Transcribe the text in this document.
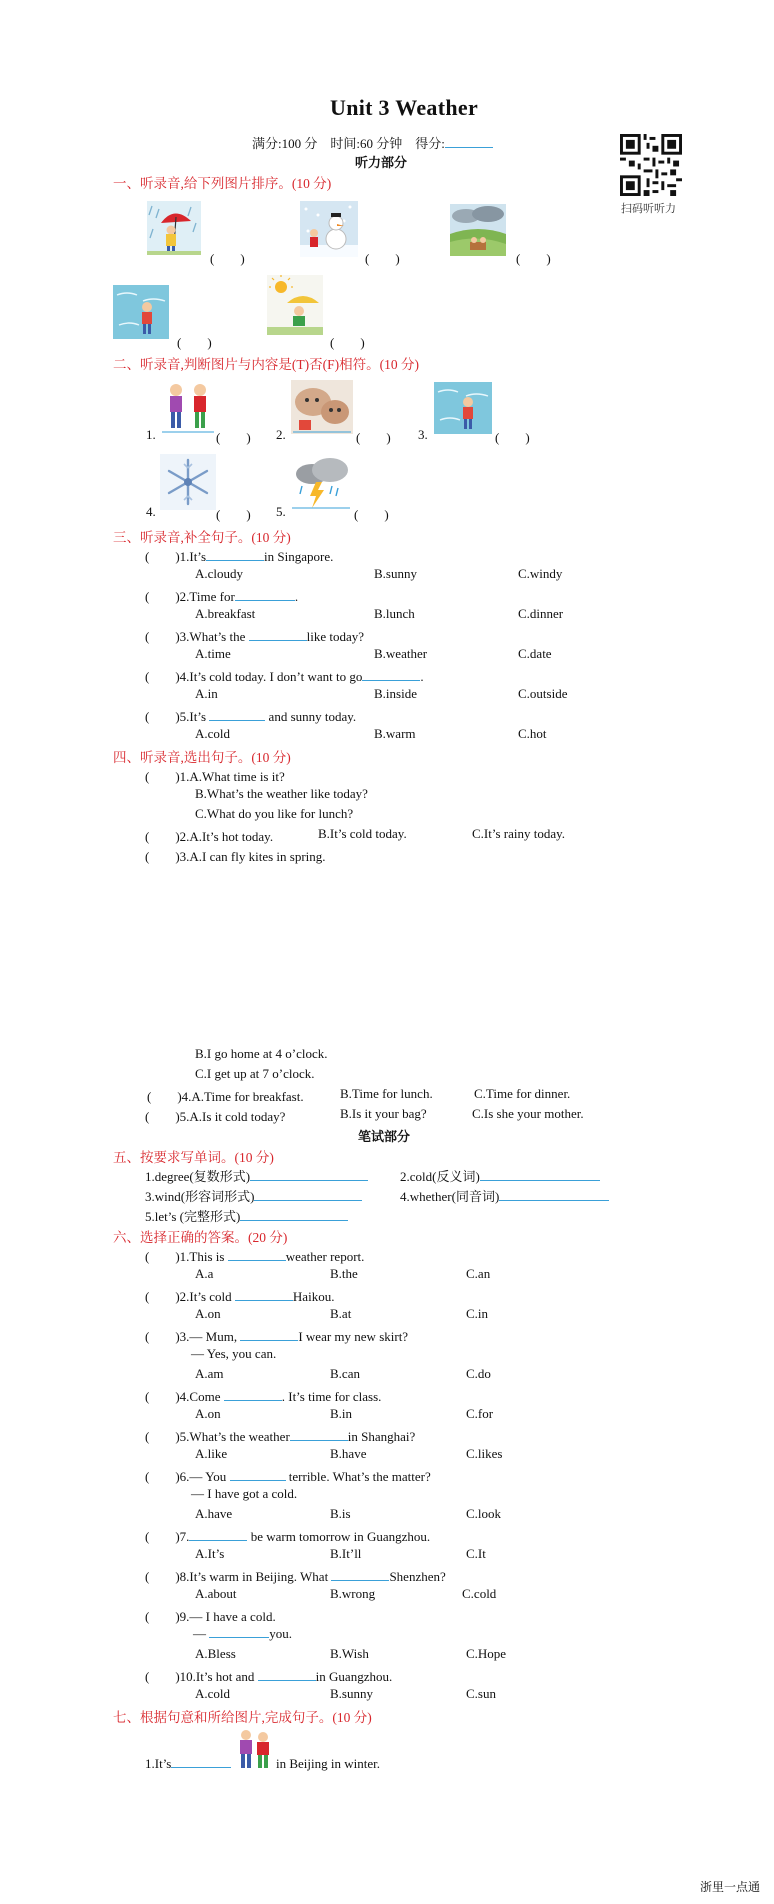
Unit 3 Weather
满分:100 分　时间:60 分钟　得分:
听力部分
扫码听听力
一、听录音,给下列图片排序。(10 分)
(　　)	(　　)	(　　)
(　　)	(　　)
二、听录音,判断图片与内容是(T)否(F)相符。(10 分)
1.	(　　) 2.	(　　) 3.	(　　)
4.	(　　) 5.	(　　)
三、听录音,补全句子。(10 分)
(　　)1.It’s	in Singapore.
A.cloudy	B.sunny	C.windy
(　　)2.Time for	.
A.breakfast	B.lunch	C.dinner
(　　)3.What’s the	like today?
A.time	B.weather	C.date
(　　)4.It’s cold today. I don’t want to go	.
A.in	B.inside	C.outside
(　　)5.It’s	and sunny today.
A.cold	B.warm	C.hot
四、听录音,选出句子。(10 分)
(　　)1.A.What time is it?
B.What’s the weather like today?
C.What do you like for lunch?
(　　)2.A.It’s hot today.	B.It’s cold today.	C.It’s rainy today.
(　　)3.A.I can fly kites in spring.
B.I go home at 4 o’clock.
C.I get up at 7 o’clock.
(　　)4.A.Time for breakfast.	B.Time for lunch.	C.Time for dinner.
(　　)5.A.Is it cold today?	B.Is it your bag?	C.Is she your mother.
笔试部分
五、按要求写单词。(10 分)
1.degree(复数形式)	2.cold(反义词)
3.wind(形容词形式)	4.whether(同音词)
5.let’s (完整形式)
六、选择正确的答案。(20 分)
(　　)1.This is	weather report.
A.a	B.the	C.an
(　　)2.It’s cold	Haikou.
A.on	B.at	C.in
(　　)3.— Mum,	I wear my new skirt?
— Yes, you can.
A.am	B.can	C.do
(　　)4.Come	. It’s time for class.
A.on	B.in	C.for
(　　)5.What’s the weather	in Shanghai?
A.like	B.have	C.likes
(　　)6.— You	terrible. What’s the matter?
— I have got a cold.
A.have	B.is	C.look
(　　)7.	be warm tomorrow in Guangzhou.
A.It’s	B.It’ll	C.It
(　　)8.It’s warm in Beijing. What	Shenzhen?
A.about	B.wrong	C.cold
(　　)9.— I have a cold.
—	you.
A.Bless	B.Wish	C.Hope
(　　)10.It’s hot and	in Guangzhou.
A.cold	B.sunny	C.sun
七、根据句意和所给图片,完成句子。(10 分)
1.It’s	in Beijing in winter.
浙里一点通
